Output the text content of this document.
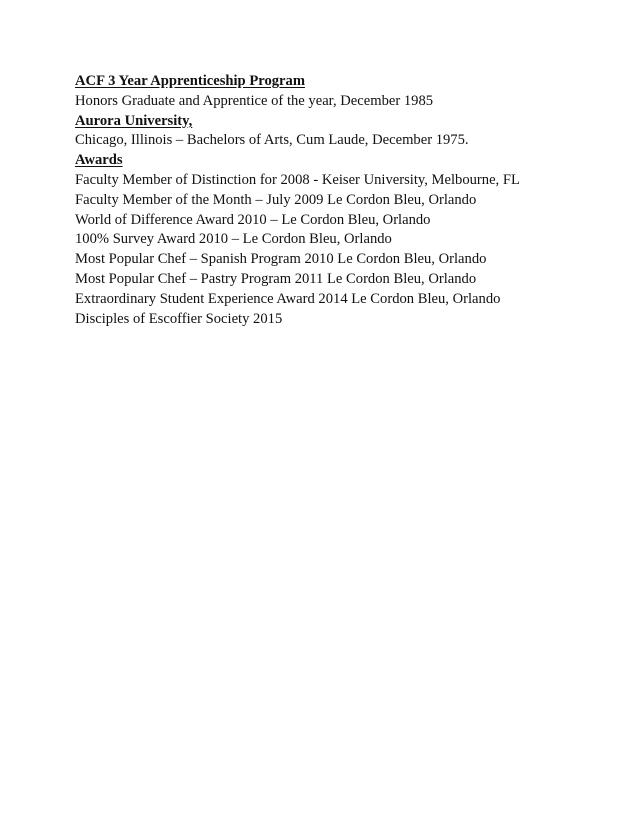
ACF 3 Year Apprenticeship Program
Honors Graduate and Apprentice of the year, December 1985
Aurora University,
Chicago, Illinois – Bachelors of Arts, Cum Laude, December 1975.
Awards
Faculty Member of Distinction for 2008 - Keiser University, Melbourne, FL
Faculty Member of the Month – July 2009 Le Cordon Bleu, Orlando
World of Difference Award 2010 – Le Cordon Bleu, Orlando
100% Survey Award 2010 – Le Cordon Bleu, Orlando
Most Popular Chef – Spanish Program 2010 Le Cordon Bleu, Orlando
Most Popular Chef – Pastry Program 2011 Le Cordon Bleu, Orlando
Extraordinary Student Experience Award 2014 Le Cordon Bleu, Orlando
Disciples of Escoffier Society 2015
